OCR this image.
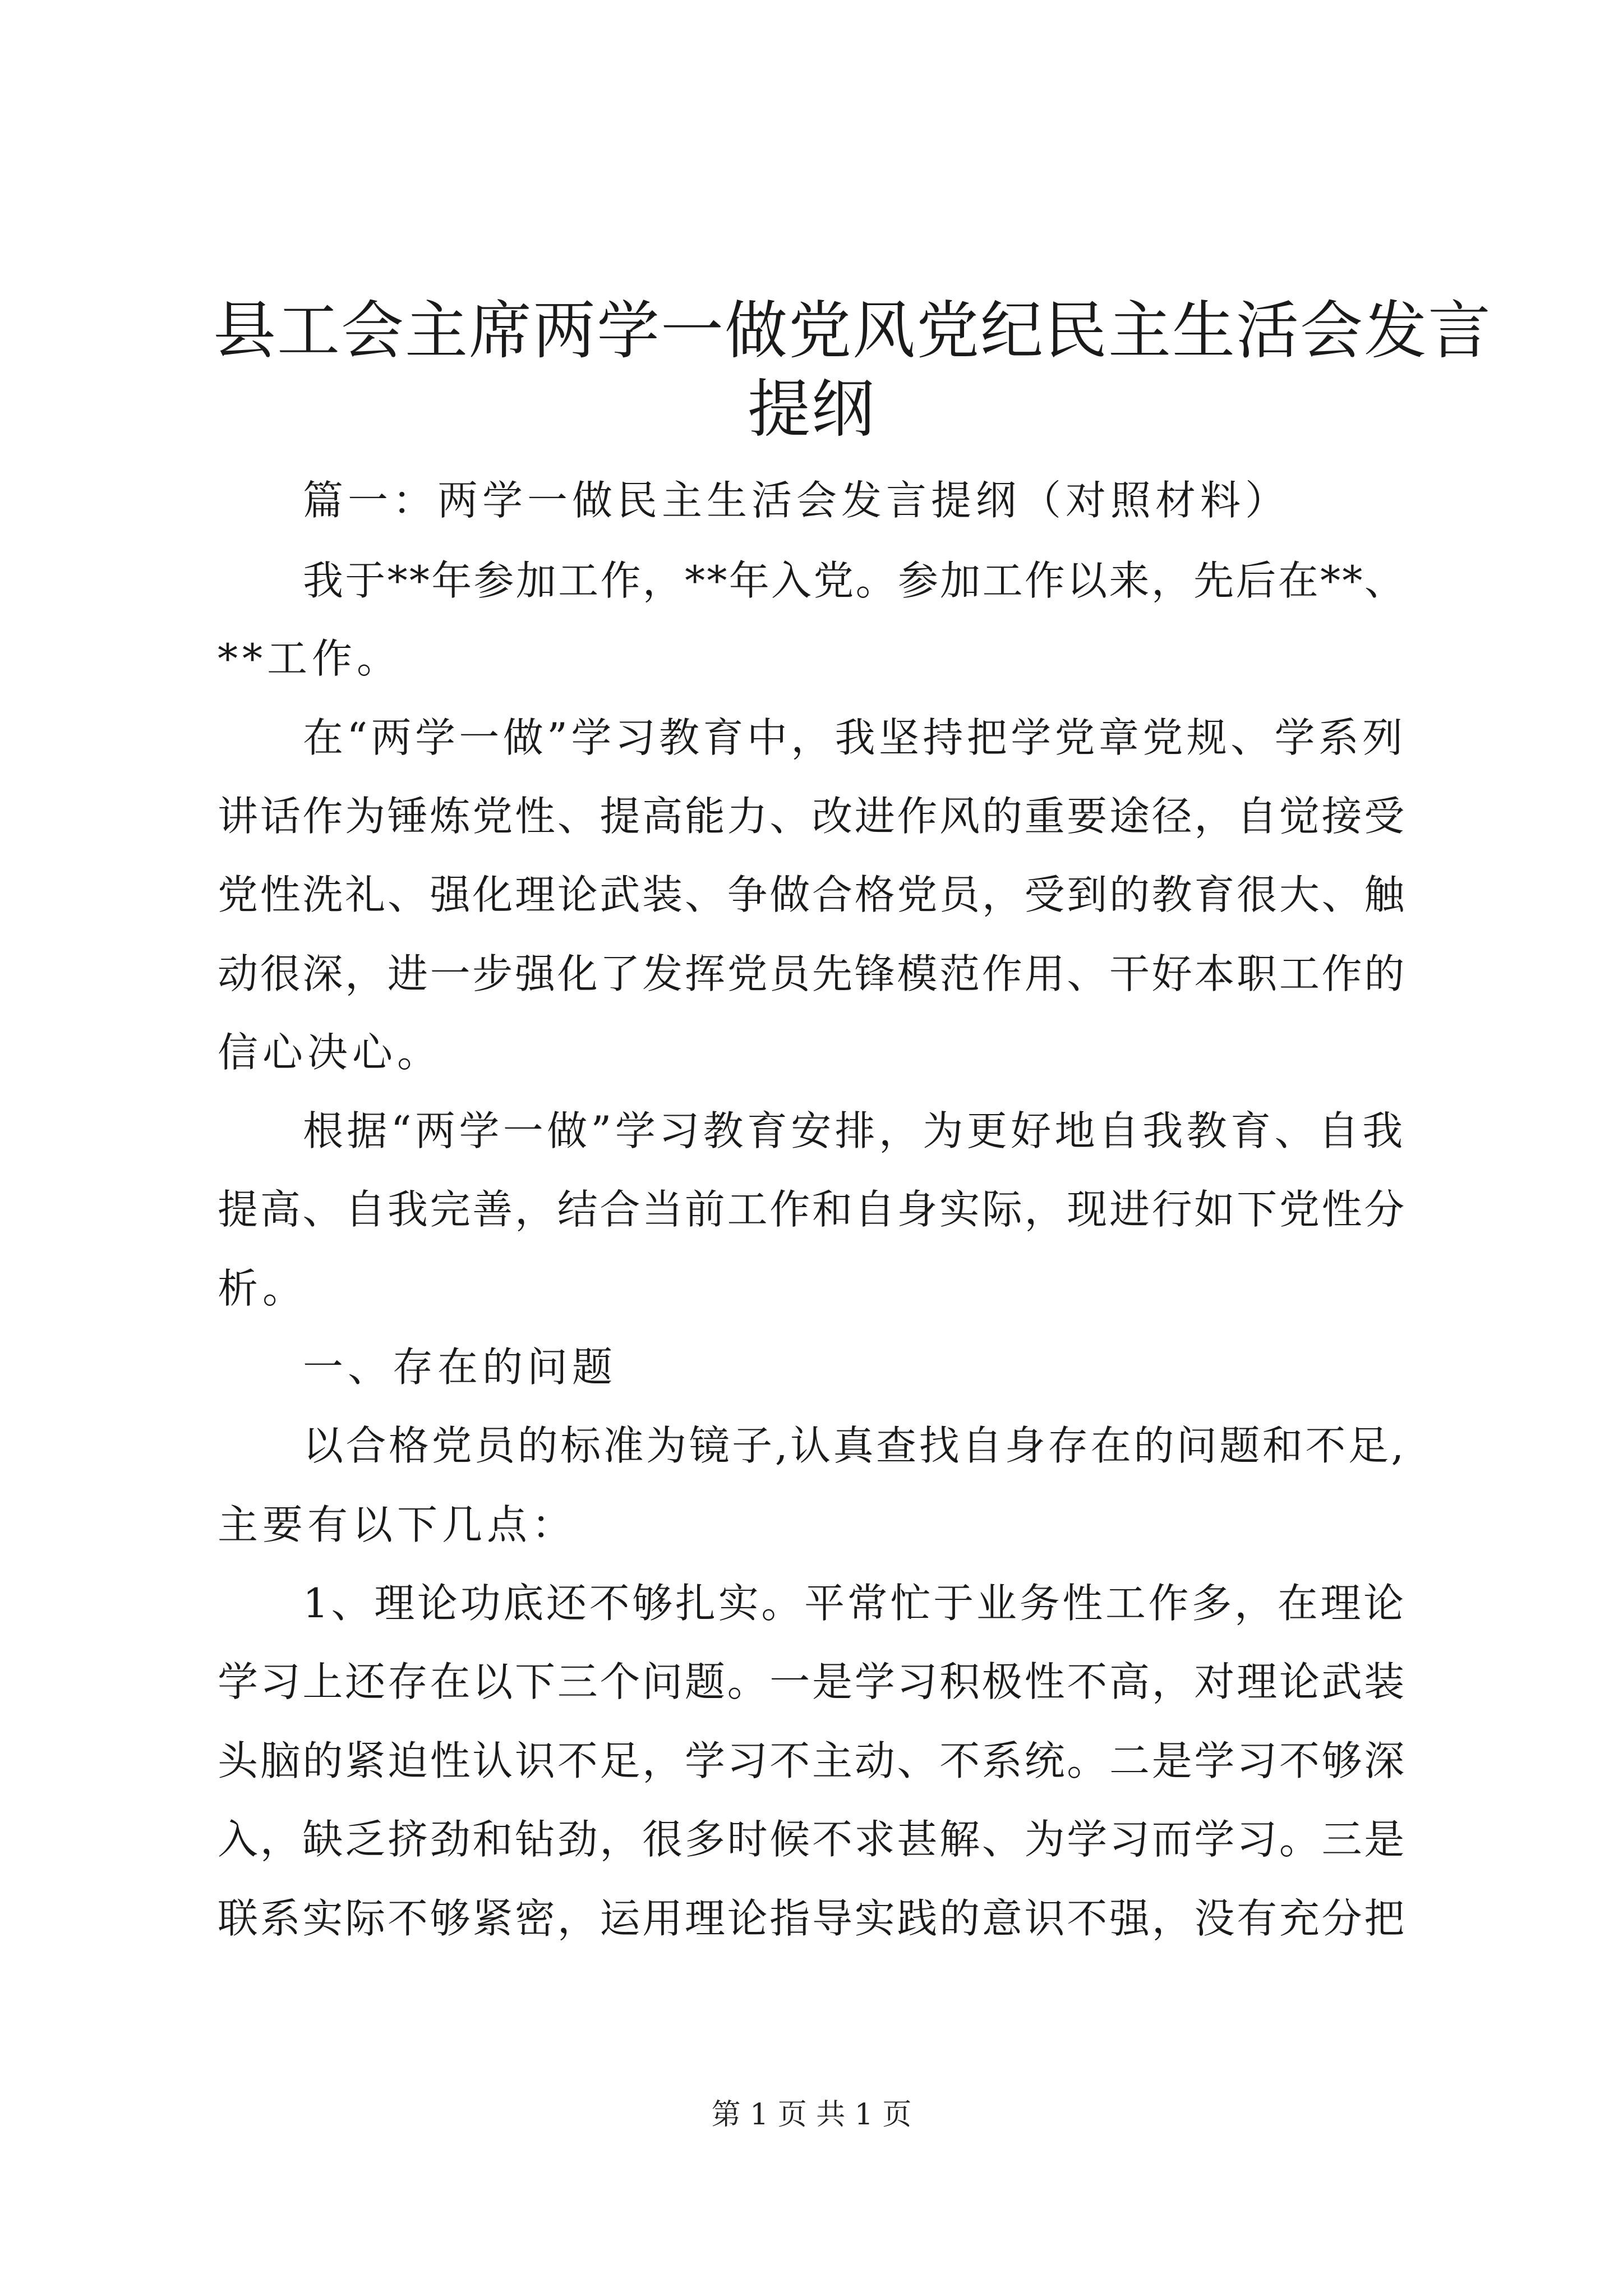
县工会主席两学一做党风党纪民主生活会发言
提纲
篇一：两学一做民主生活会发言提纲（对照材料）
我于**年参加工作，**年入党。参加工作以来，先后在**、
**工作。
在“两学一做”学习教育中，我坚持把学党章党规、学系列
讲话作为锤炼党性、提高能力、改进作风的重要途径，自觉接受
党性洗礼、强化理论武装、争做合格党员，受到的教育很大、触
动很深，进一步强化了发挥党员先锋模范作用、干好本职工作的
信心决心。
根据“两学一做”学习教育安排，为更好地自我教育、自我
提高、自我完善，结合当前工作和自身实际，现进行如下党性分
析。
一、存在的问题
以合格党员的标准为镜子,认真查找自身存在的问题和不足,
主要有以下几点：
1、理论功底还不够扎实。平常忙于业务性工作多，在理论
学习上还存在以下三个问题。一是学习积极性不高，对理论武装
头脑的紧迫性认识不足，学习不主动、不系统。二是学习不够深
入，缺乏挤劲和钻劲，很多时候不求甚解、为学习而学习。三是
联系实际不够紧密，运用理论指导实践的意识不强，没有充分把
第 1 页 共 1 页
